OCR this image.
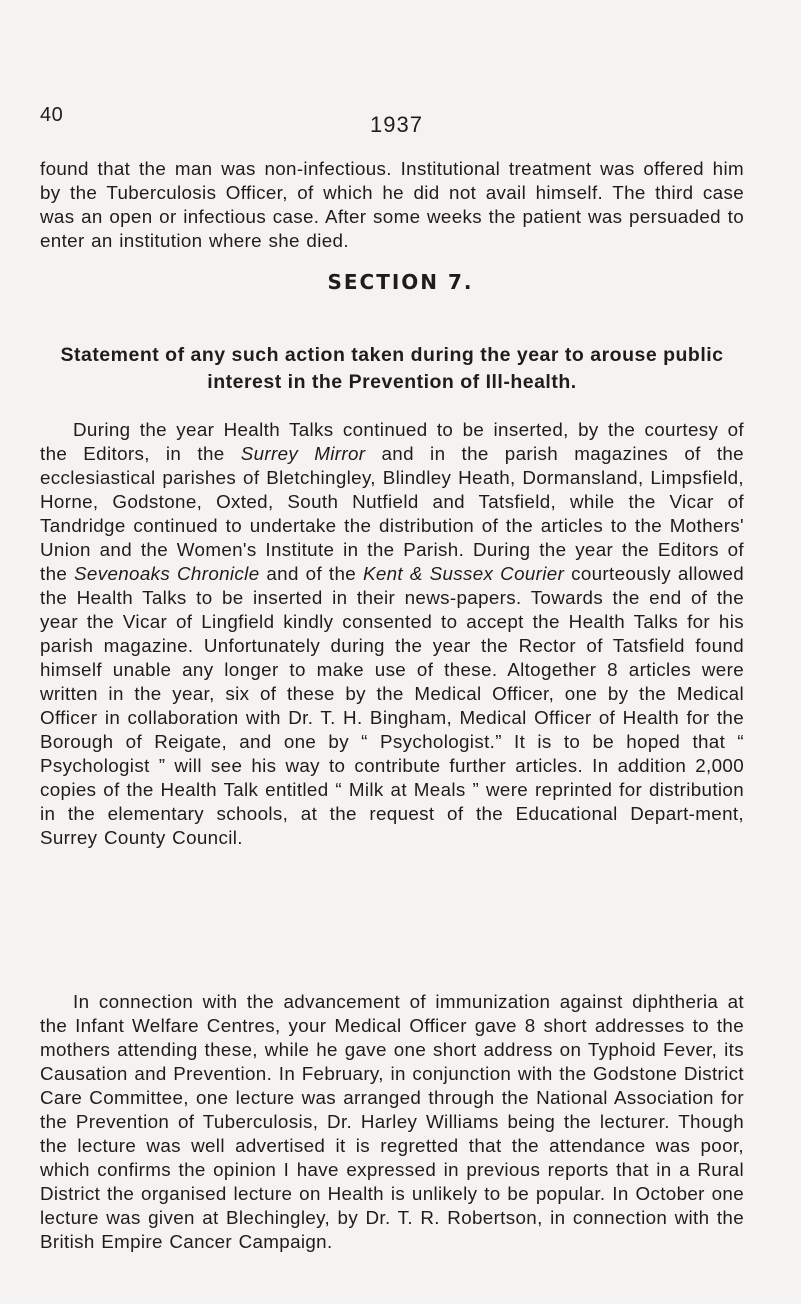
40	1937

found that the man was non-infectious. Institutional treatment was offered him by the Tuberculosis Officer, of which he did not avail himself. The third case was an open or infectious case. After some weeks the patient was persuaded to enter an institution where she died.

SECTION 7.
Statement of any such action taken during the year to arouse public interest in the Prevention of Ill-health.

During the year Health Talks continued to be inserted, by the courtesy of the Editors, in the Surrey Mirror and in the parish magazines of the ecclesiastical parishes of Bletchingley, Blindley Heath, Dormansland, Limpsfield, Horne, Godstone, Oxted, South Nutfield and Tatsfield, while the Vicar of Tandridge continued to undertake the distribution of the articles to the Mothers' Union and the Women's Institute in the Parish. During the year the Editors of the Sevenoaks Chronicle and of the Kent & Sussex Courier courteously allowed the Health Talks to be inserted in their news-papers. Towards the end of the year the Vicar of Lingfield kindly consented to accept the Health Talks for his parish magazine. Unfortunately during the year the Rector of Tatsfield found himself unable any longer to make use of these. Altogether 8 articles were written in the year, six of these by the Medical Officer, one by the Medical Officer in collaboration with Dr. T. H. Bingham, Medical Officer of Health for the Borough of Reigate, and one by “ Psychologist.” It is to be hoped that “ Psychologist ” will see his way to contribute further articles. In addition 2,000 copies of the Health Talk entitled “ Milk at Meals ” were reprinted for distribution in the elementary schools, at the request of the Educational Depart-ment, Surrey County Council.

In connection with the advancement of immunization against diphtheria at the Infant Welfare Centres, your Medical Officer gave 8 short addresses to the mothers attending these, while he gave one short address on Typhoid Fever, its Causation and Prevention. In February, in conjunction with the Godstone District Care Committee, one lecture was arranged through the National Association for the Prevention of Tuberculosis, Dr. Harley Williams being the lecturer. Though the lecture was well advertised it is regretted that the attendance was poor, which confirms the opinion I have expressed in previous reports that in a Rural District the organised lecture on Health is unlikely to be popular. In October one lecture was given at Blechingley, by Dr. T. R. Robertson, in connection with the British Empire Cancer Campaign.
